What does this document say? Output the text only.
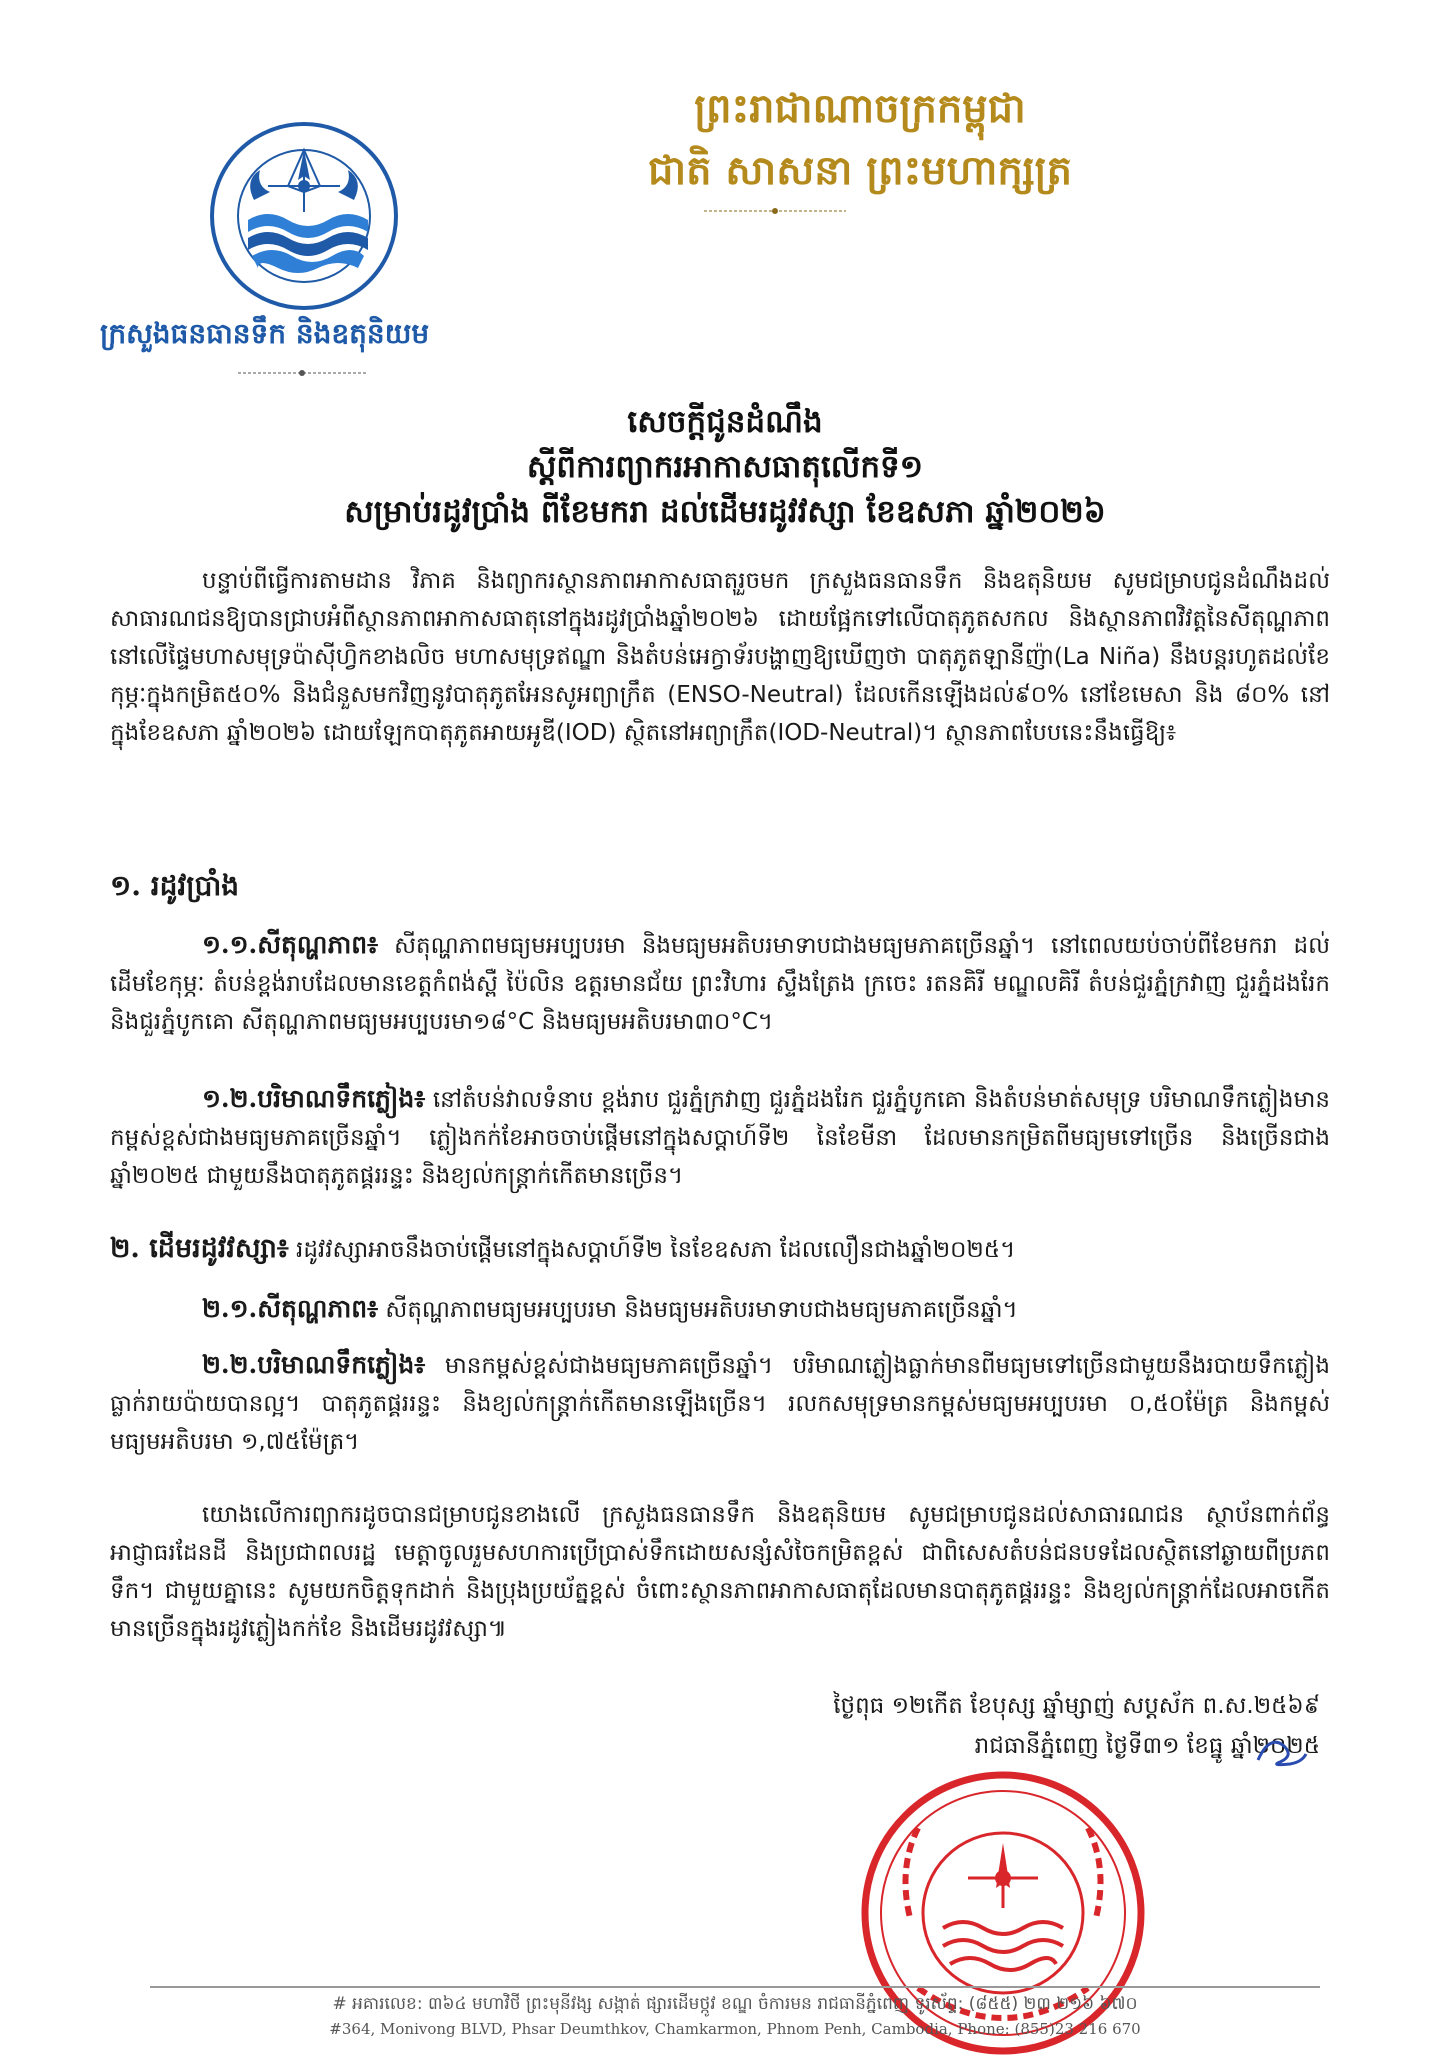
ក្រសួងធនធានទឹក និងឧតុនិយម
ព្រះរាជាណាចក្រកម្ពុជា
ជាតិ សាសនា ព្រះមហាក្សត្រ
សេចក្តីជូនដំណឹង
ស្តីពីការព្យាករអាកាសធាតុលើកទី១
សម្រាប់រដូវប្រាំង ពីខែមករា ដល់ដើមរដូវវស្សា ខែឧសភា ឆ្នាំ២០២៦
បន្ទាប់ពីធ្វើការតាមដាន វិភាគ និងព្យាករស្ថានភាពអាកាសធាតុរួចមក ក្រសួងធនធានទឹក និងឧតុនិយម សូមជម្រាបជូនដំណឹងដល់សាធារណជនឱ្យបានជ្រាបអំពីស្ថានភាពអាកាសធាតុនៅក្នុងរដូវប្រាំងឆ្នាំ២០២៦ ដោយផ្អែកទៅលើបាតុភូតសកល និងស្ថានភាពវិវត្តនៃសីតុណ្ហភាពនៅលើផ្ទៃមហាសមុទ្រប៉ាស៊ីហ្វិកខាងលិច មហាសមុទ្រឥណ្ឌា និងតំបន់អេក្វាទ័របង្ហាញឱ្យឃើញថា បាតុភូតឡានីញ៉ា(La Niña) នឹងបន្តរហូតដល់ខែកុម្ភៈក្នុងកម្រិត៥០% និងជំនួសមកវិញនូវបាតុភូតអែនសូអព្យាក្រឹត (ENSO-Neutral) ដែលកើនឡើងដល់៩០% នៅខែមេសា និង ៨០% នៅក្នុងខែឧសភា ឆ្នាំ២០២៦ ដោយឡែកបាតុភូតអាយអូឌី(IOD) ស្ថិតនៅអព្យាក្រឹត(IOD-Neutral)។ ស្ថានភាពបែបនេះនឹងធ្វើឱ្យ៖
១. រដូវប្រាំង
១.១.សីតុណ្ហភាព៖ សីតុណ្ហភាពមធ្យមអប្បបរមា និងមធ្យមអតិបរមាទាបជាងមធ្យមភាគច្រើនឆ្នាំ។ នៅពេលយប់ចាប់ពីខែមករា ដល់ដើមខែកុម្ភៈ តំបន់ខ្ពង់រាបដែលមានខេត្តកំពង់ស្ពឺ ប៉ៃលិន ឧត្តរមានជ័យ ព្រះវិហារ ស្ទឹងត្រែង ក្រចេះ រតនគិរី មណ្ឌលគិរី តំបន់ជួរភ្នំក្រវាញ ជួរភ្នំដងរែក និងជួរភ្នំបូកគោ សីតុណ្ហភាពមធ្យមអប្បបរមា១៨°C និងមធ្យមអតិបរមា៣០°C។
១.២.បរិមាណទឹកភ្លៀង៖ នៅតំបន់វាលទំនាប ខ្ពង់រាប ជួរភ្នំក្រវាញ ជួរភ្នំដងរែក ជួរភ្នំបូកគោ និងតំបន់មាត់សមុទ្រ បរិមាណទឹកភ្លៀងមានកម្ពស់ខ្ពស់ជាងមធ្យមភាគច្រើនឆ្នាំ។ ភ្លៀងកក់ខែអាចចាប់ផ្តើមនៅក្នុងសប្តាហ៍ទី២ នៃខែមីនា ដែលមានកម្រិតពីមធ្យមទៅច្រើន និងច្រើនជាងឆ្នាំ២០២៥ ជាមួយនឹងបាតុភូតផ្គររន្ទះ និងខ្យល់កន្ត្រាក់កើតមានច្រើន។
២. ដើមរដូវវស្សា៖ រដូវវស្សាអាចនឹងចាប់ផ្តើមនៅក្នុងសប្តាហ៍ទី២ នៃខែឧសភា ដែលលឿនជាងឆ្នាំ២០២៥។
២.១.សីតុណ្ហភាព៖ សីតុណ្ហភាពមធ្យមអប្បបរមា និងមធ្យមអតិបរមាទាបជាងមធ្យមភាគច្រើនឆ្នាំ។
២.២.បរិមាណទឹកភ្លៀង៖ មានកម្ពស់ខ្ពស់ជាងមធ្យមភាគច្រើនឆ្នាំ។ បរិមាណភ្លៀងធ្លាក់មានពីមធ្យមទៅច្រើនជាមួយនឹងរបាយទឹកភ្លៀងធ្លាក់រាយប៉ាយបានល្អ។ បាតុភូតផ្គររន្ទះ និងខ្យល់កន្ត្រាក់កើតមានឡើងច្រើន។ រលកសមុទ្រមានកម្ពស់មធ្យមអប្បបរមា ០,៥០ម៉ែត្រ និងកម្ពស់មធ្យមអតិបរមា ១,៧៥ម៉ែត្រ។
យោងលើការព្យាករដូចបានជម្រាបជូនខាងលើ ក្រសួងធនធានទឹក និងឧតុនិយម សូមជម្រាបជូនដល់សាធារណជន ស្ថាប័នពាក់ព័ន្ធ អាជ្ញាធរដែនដី និងប្រជាពលរដ្ឋ មេត្តាចូលរួមសហការប្រើប្រាស់ទឹកដោយសន្សំសំចៃកម្រិតខ្ពស់ ជាពិសេសតំបន់ជនបទដែលស្ថិតនៅឆ្ងាយពីប្រភពទឹក។ ជាមួយគ្នានេះ សូមយកចិត្តទុកដាក់ និងប្រុងប្រយ័ត្នខ្ពស់ ចំពោះស្ថានភាពអាកាសធាតុដែលមានបាតុភូតផ្គររន្ទះ និងខ្យល់កន្ត្រាក់ដែលអាចកើតមានច្រើនក្នុងរដូវភ្លៀងកក់ខែ និងដើមរដូវវស្សា៕
ថ្ងៃពុធ ១២កើត ខែបុស្ស ឆ្នាំម្សាញ់ សប្តស័ក ព.ស.២៥៦៩
រាជធានីភ្នំពេញ ថ្ងៃទី៣១ ខែធ្នូ ឆ្នាំ២០២៥
# អគារលេខ: ៣៦៤ មហាវិថី ព្រះមុនីវង្ស សង្កាត់ ផ្សារដើមថ្កូវ ខណ្ឌ ចំការមន រាជធានីភ្នំពេញ ទូរស័ព្ទ: (៨៥៥) ២៣ ២១៦ ៦៧០
#364, Monivong BLVD, Phsar Deumthkov, Chamkarmon, Phnom Penh, Cambodia, Phone: (855)23 216 670
